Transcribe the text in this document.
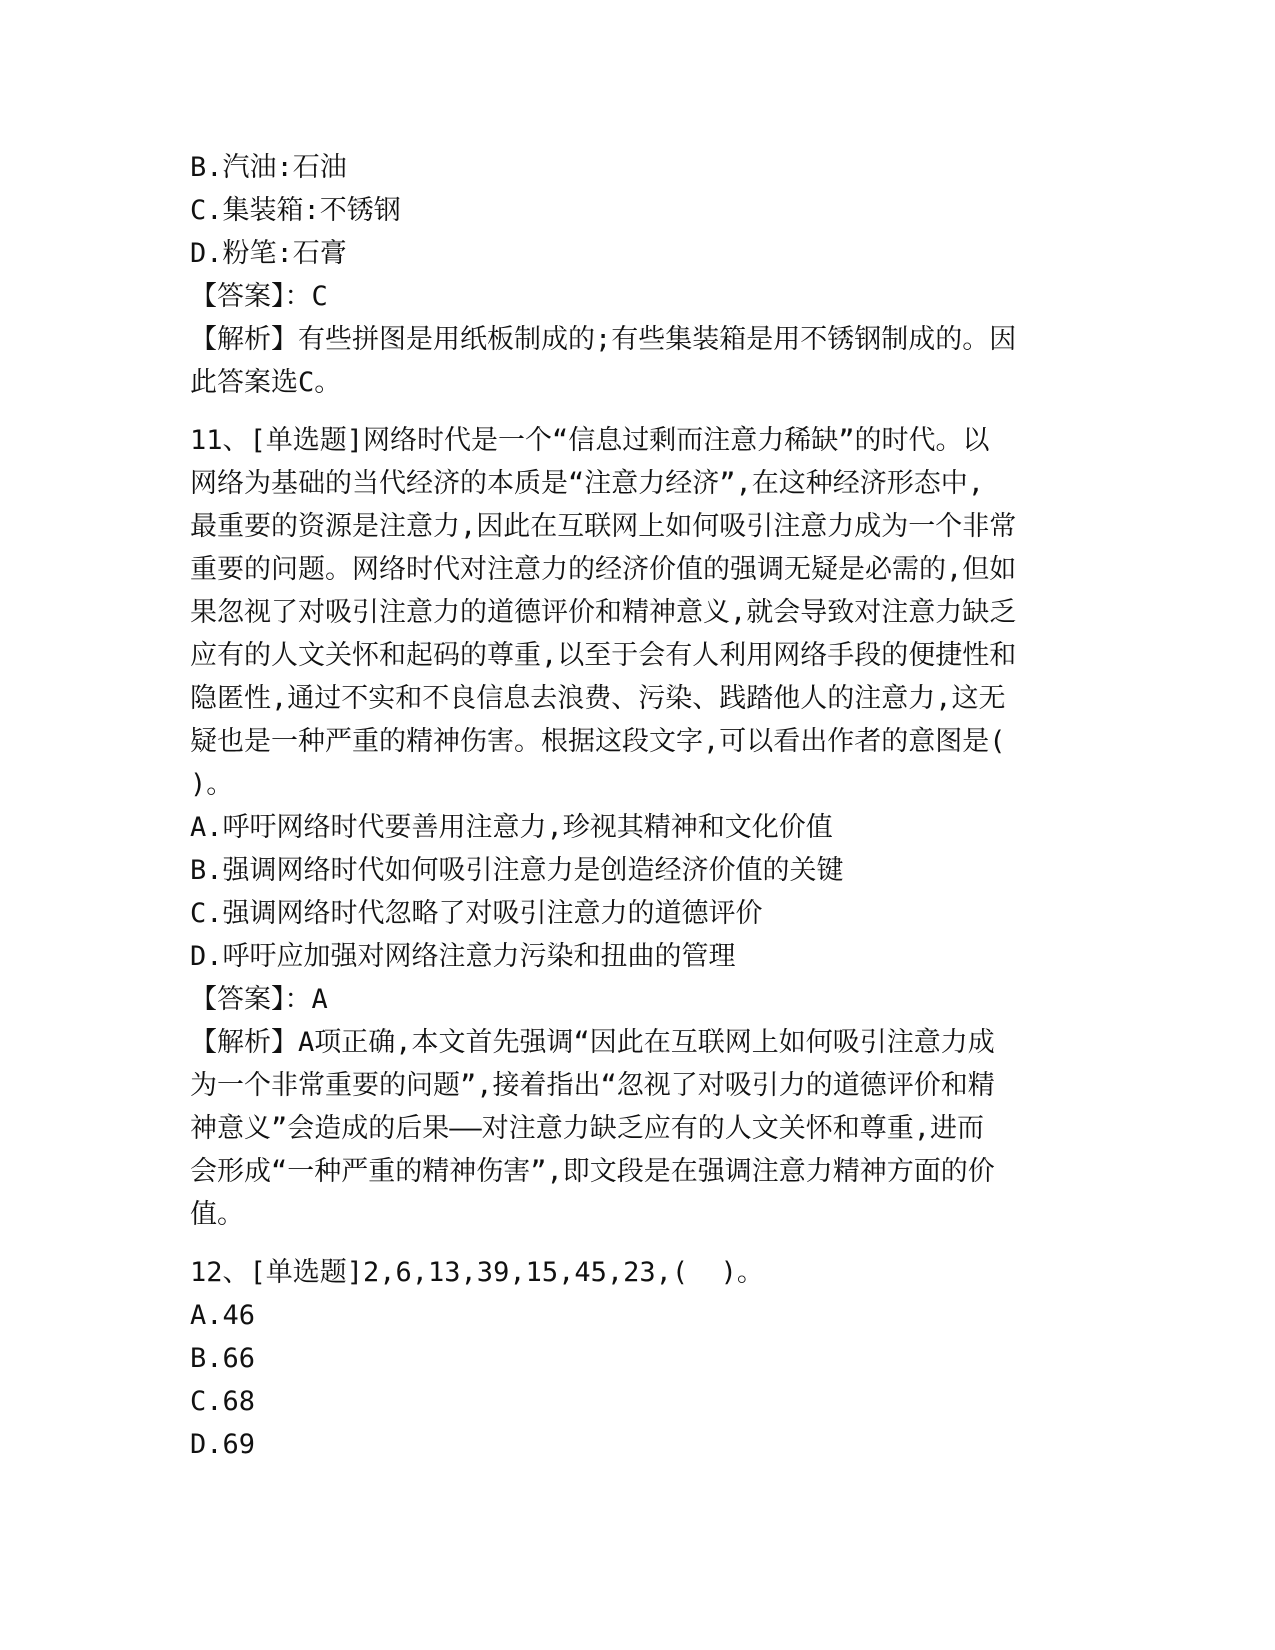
B.汽油:石油

C.集装箱:不锈钢

D.粉笔:石膏

【答案】：C

【解析】有些拼图是用纸板制成的;有些集装箱是用不锈钢制成的。因

此答案选C。

11、[单选题]网络时代是一个“信息过剩而注意力稀缺”的时代。以

网络为基础的当代经济的本质是“注意力经济”,在这种经济形态中,

最重要的资源是注意力,因此在互联网上如何吸引注意力成为一个非常

重要的问题。网络时代对注意力的经济价值的强调无疑是必需的,但如

果忽视了对吸引注意力的道德评价和精神意义,就会导致对注意力缺乏

应有的人文关怀和起码的尊重,以至于会有人利用网络手段的便捷性和

隐匿性,通过不实和不良信息去浪费、污染、践踏他人的注意力,这无

疑也是一种严重的精神伤害。根据这段文字,可以看出作者的意图是(

)。

A.呼吁网络时代要善用注意力,珍视其精神和文化价值

B.强调网络时代如何吸引注意力是创造经济价值的关键

C.强调网络时代忽略了对吸引注意力的道德评价

D.呼吁应加强对网络注意力污染和扭曲的管理

【答案】：A

【解析】A项正确,本文首先强调“因此在互联网上如何吸引注意力成

为一个非常重要的问题”,接着指出“忽视了对吸引力的道德评价和精

神意义”会造成的后果——对注意力缺乏应有的人文关怀和尊重,进而

会形成“一种严重的精神伤害”,即文段是在强调注意力精神方面的价

值。

12、[单选题]2,6,13,39,15,45,23,(  )。

A.46

B.66

C.68

D.69
